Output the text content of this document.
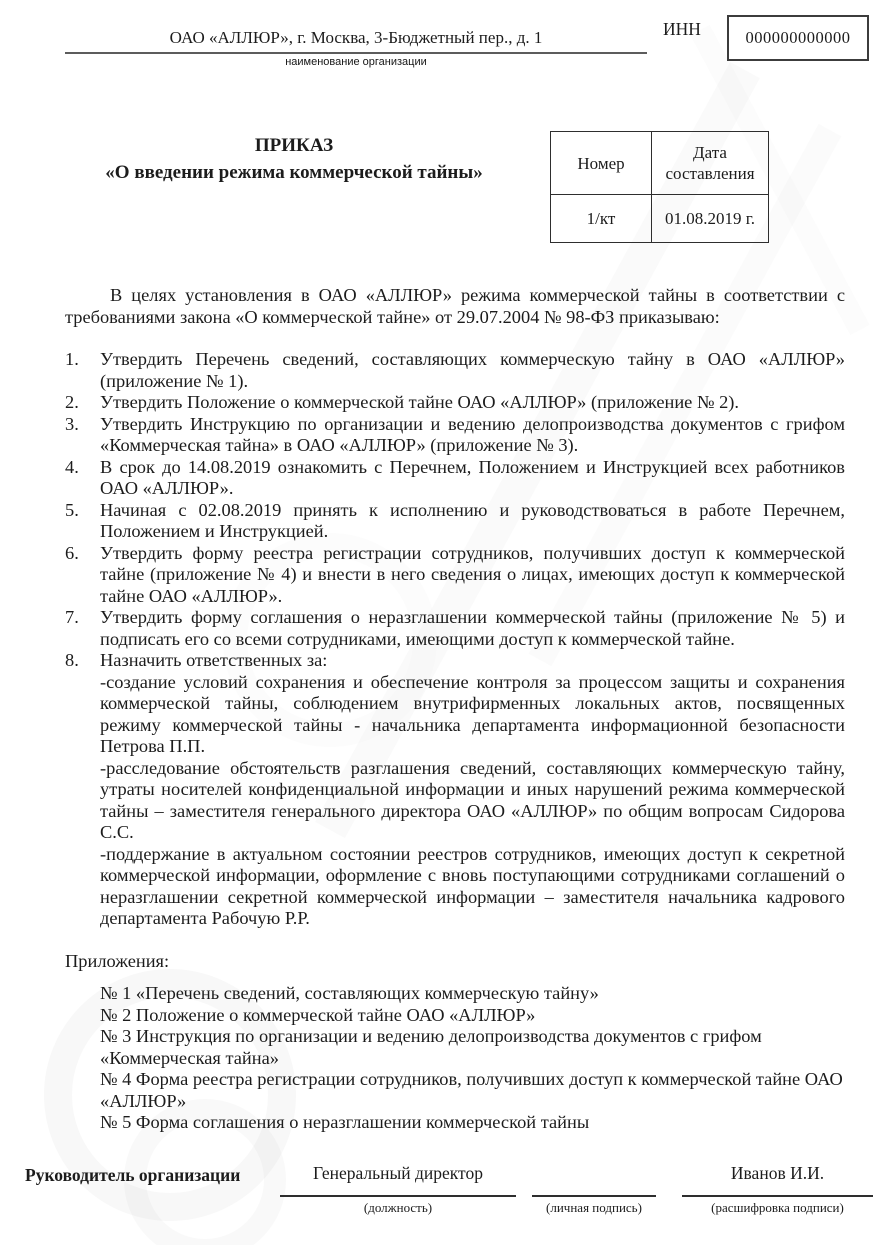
ОАО «АЛЛЮР», г. Москва, 3-Бюджетный пер., д. 1
наименование организации
ИНН	000000000000
ПРИКАЗ
«О введении режима коммерческой тайны»	Номер	Дата составления
1/кт	01.08.2019 г.

В целях установления в ОАО «АЛЛЮР» режима коммерческой тайны в соответствии с требованиями закона «О коммерческой тайне» от 29.07.2004 № 98-ФЗ приказываю:

1.	Утвердить Перечень сведений, составляющих коммерческую тайну в ОАО «АЛЛЮР» (приложение № 1).
2.	Утвердить Положение о коммерческой тайне ОАО «АЛЛЮР» (приложение № 2).
3.	Утвердить Инструкцию по организации и ведению делопроизводства документов с грифом «Коммерческая тайна» в ОАО «АЛЛЮР» (приложение № 3).
4.	В срок до 14.08.2019 ознакомить с Перечнем, Положением и Инструкцией всех работников ОАО «АЛЛЮР».
5.	Начиная с 02.08.2019 принять к исполнению и руководствоваться в работе Перечнем, Положением и Инструкцией.
6.	Утвердить форму реестра регистрации сотрудников, получивших доступ к коммерческой тайне (приложение № 4) и внести в него сведения о лицах, имеющих доступ к коммерческой тайне ОАО «АЛЛЮР».
7.	Утвердить форму соглашения о неразглашении коммерческой тайны (приложение № 5) и подписать его со всеми сотрудниками, имеющими доступ к коммерческой тайне.
8.	Назначить ответственных за:
-создание условий сохранения и обеспечение контроля за процессом защиты и сохранения коммерческой тайны, соблюдением внутрифирменных локальных актов, посвященных режиму коммерческой тайны - начальника департамента информационной безопасности Петрова П.П.
-расследование обстоятельств разглашения сведений, составляющих коммерческую тайну, утраты носителей конфиденциальной информации и иных нарушений режима коммерческой тайны – заместителя генерального директора ОАО «АЛЛЮР» по общим вопросам Сидорова С.С.
-поддержание в актуальном состоянии реестров сотрудников, имеющих доступ к секретной коммерческой информации, оформление с вновь поступающими сотрудниками соглашений о неразглашении секретной коммерческой информации – заместителя начальника кадрового департамента Рабочую Р.Р.
Приложения:
№ 1 «Перечень сведений, составляющих коммерческую тайну»
№ 2 Положение о коммерческой тайне ОАО «АЛЛЮР»
№ 3 Инструкция по организации и ведению делопроизводства документов с грифом «Коммерческая тайна»
№ 4 Форма реестра регистрации сотрудников, получивших доступ к коммерческой тайне ОАО «АЛЛЮР»
№ 5 Форма соглашения о неразглашении коммерческой тайны
Руководитель организации	Генеральный директор
(должность)	(личная подпись)
Иванов И.И.
(расшифровка подписи)
